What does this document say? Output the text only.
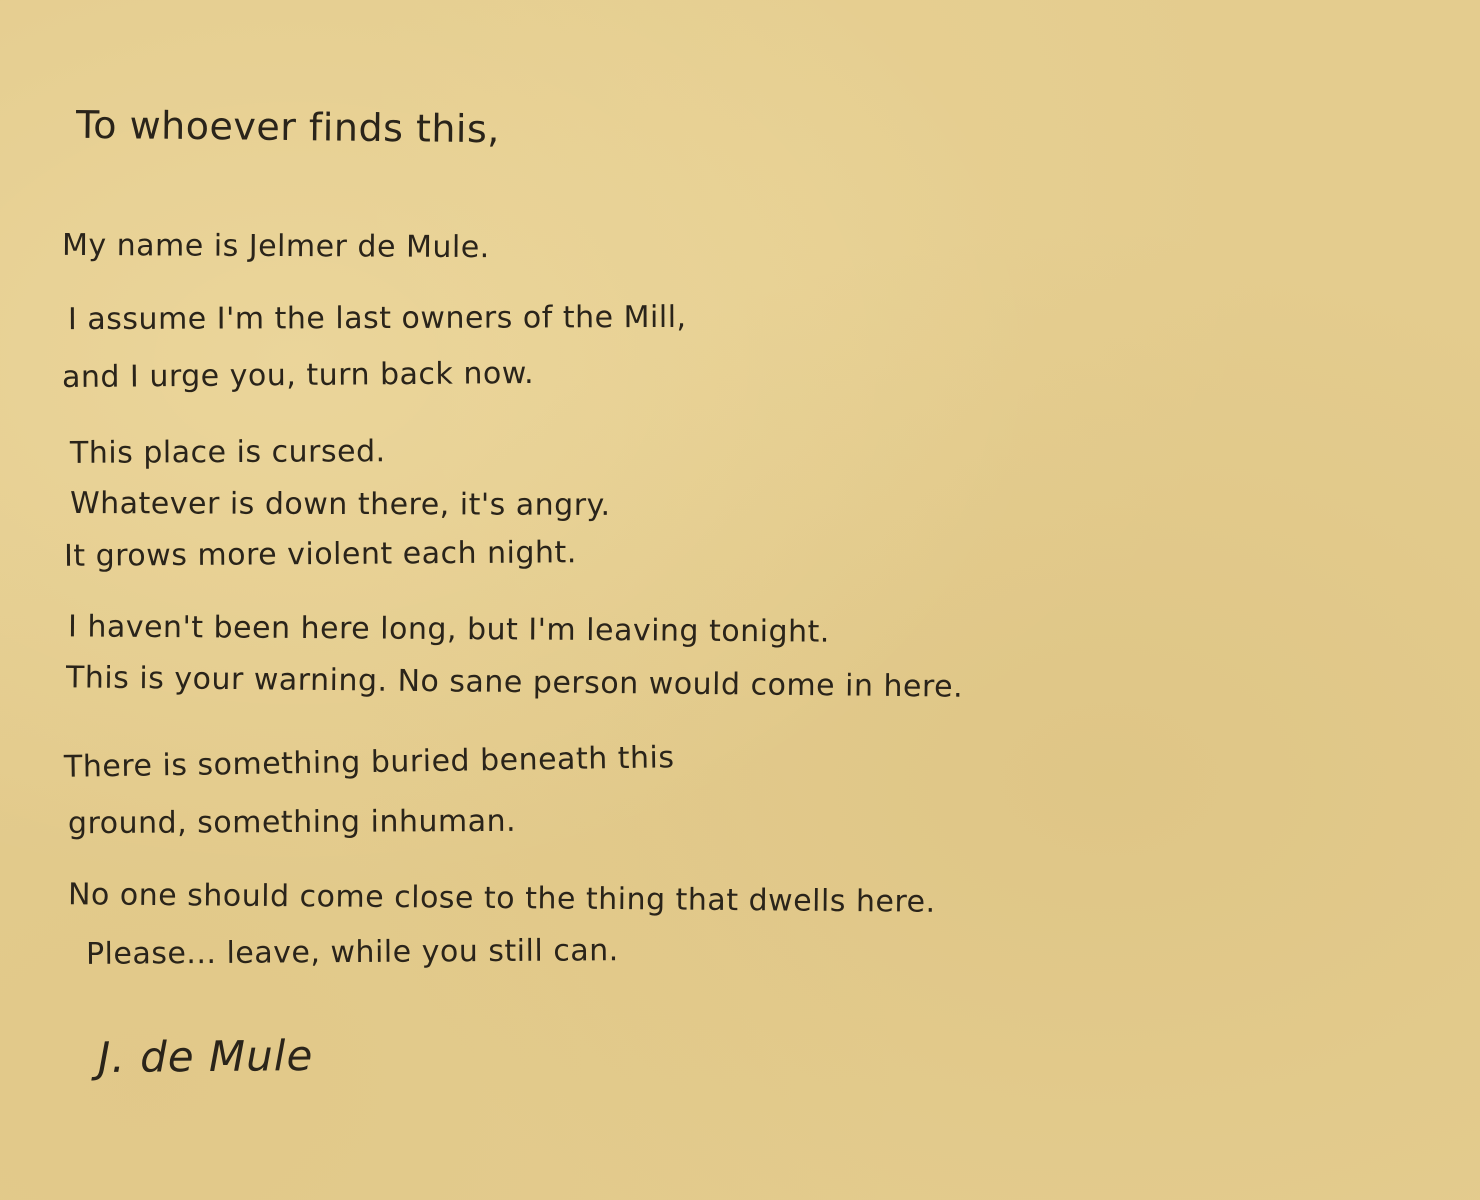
To whoever finds this,
My name is Jelmer de Mule.
I assume I'm the last owners of the Mill,
and I urge you, turn back now.
This place is cursed.
Whatever is down there, it's angry.
It grows more violent each night.
I haven't been here long, but I'm leaving tonight.
This is your warning. No sane person would come in here.
There is something buried beneath this
ground, something inhuman.
No one should come close to the thing that dwells here.
Please... leave, while you still can.
J. de Mule
